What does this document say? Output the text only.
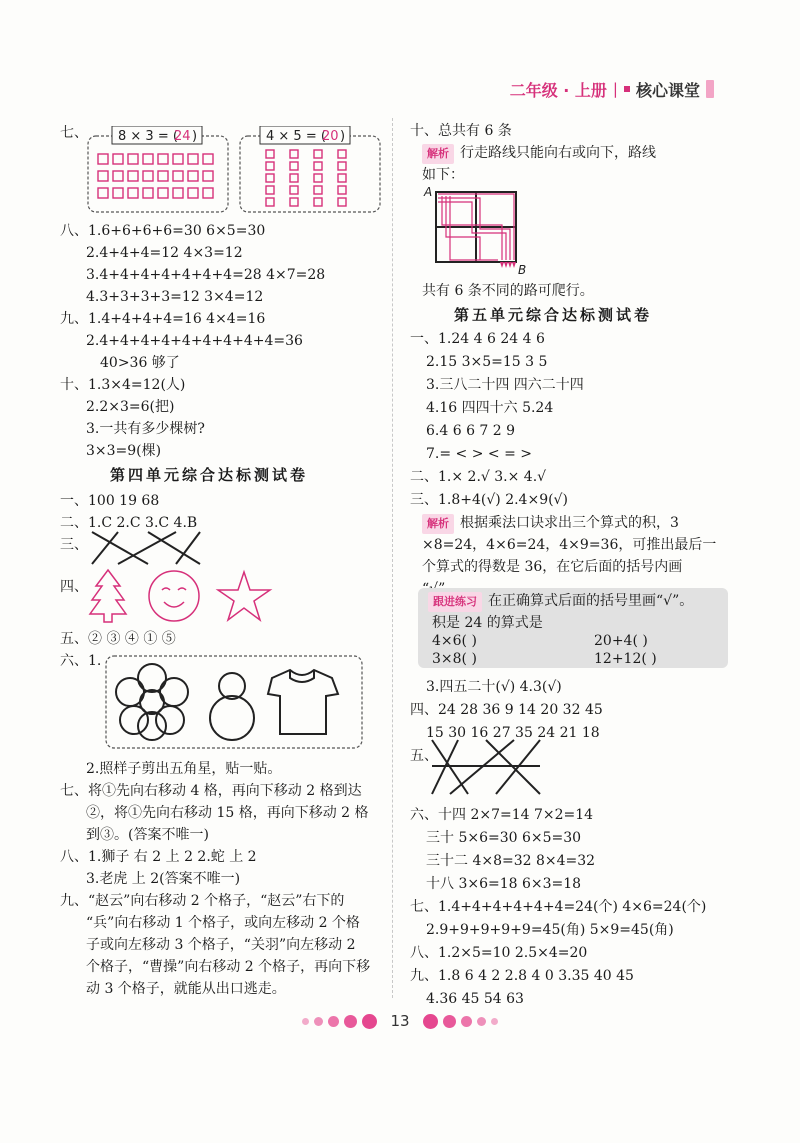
二年级 · 上册 | 核心课堂
七、 8 × 3 = (
24 )	4 × 5 = (
20 )
八、1.6+6+6+6=30 6×5=30
2.4+4+4=12 4×3=12
3.4+4+4+4+4+4+4=28 4×7=28
4.3+3+3+3=12 3×4=12
九、1.4+4+4+4=16 4×4=16
2.4+4+4+4+4+4+4+4+4=36
40>36 够了
十、1.3×4=12(人)
2.2×3=6(把)
3.一共有多少棵树?
3×3=9(棵)
第四单元综合达标测试卷
一、100 19 68
二、1.C 2.C 3.C 4.B
三、
四、
五、② ③ ④ ① ⑤
六、1.
2.照样子剪出五角星，贴一贴。
七、将①先向右移动 4 格，再向下移动 2 格到达
②，将①先向右移动 15 格，再向下移动 2 格
到③。(答案不唯一)
八、1.狮子 右 2 上 2 2.蛇 上 2
3.老虎 上 2(答案不唯一)
九、“赵云”向右移动 2 个格子，“赵云”右下的
“兵”向右移动 1 个格子，或向左移动 2 个格
子或向左移动 3 个格子，“关羽”向左移动 2
个格子，“曹操”向右移动 2 个格子，再向下移
动 3 个格子，就能从出口逃走。
十、总共有 6 条
解析 行走路线只能向右或向下，路线
如下：
A
B
共有 6 条不同的路可爬行。
第五单元综合达标测试卷
一、1.24 4 6 24 4 6
2.15 3×5=15 3 5
3.三八二十四 四六二十四
4.16 四四十六 5.24
6.4 6 6 7 2 9
7.= < > < = >
二、1.× 2.√ 3.× 4.√
三、1.8+4(√) 2.4×9(√)
解析 根据乘法口诀求出三个算式的积，3
×8=24，4×6=24，4×9=36，可推出最后一
个算式的得数是 36，在它后面的括号内画
跟进练习 在正确算式后面的括号里画“√”。
积是 24 的算式是
4×6( )	20+4( )
3×8( )	12+12( )
3.四五二十(√) 4.3(√)
四、24 28 36 9 14 20 32 45
15 30 16 27 35 24 21 18
五、
六、十四 2×7=14 7×2=14
三十 5×6=30 6×5=30
三十二 4×8=32 8×4=32
十八 3×6=18 6×3=18
七、1.4+4+4+4+4+4=24(个) 4×6=24(个)
2.9+9+9+9+9=45(角) 5×9=45(角)
八、1.2×5=10 2.5×4=20
九、1.8 6 4 2 2.8 4 0 3.35 40 45
4.36 45 54 63
13
